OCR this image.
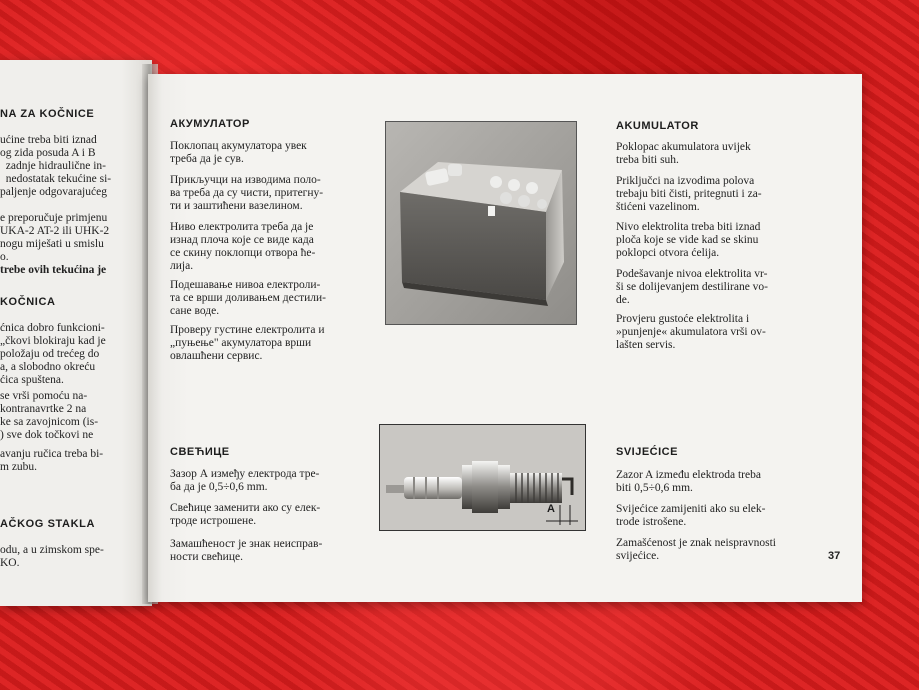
NA ZA KOČNICE
ućine treba biti iznad
og zida posuda A i B
zadnje hidraulične in-
nedostatak tekućine si-
paljenje odgovarajućeg
e preporučuje primjenu
UKA-2 AT-2 ili UHK-2
nogu miješati u smislu
o.
trebe ovih tekućina je
KOČNICA
ćnica dobro funkcioni-
„čkovi blokiraju kad je
položaju od trećeg do
a, a slobodno okreću
ćica spuštena.
se vrši pomoću na-
kontranavrtke 2 na
ke sa zavojnicom (is-
) sve dok točkovi ne
avanju ručica treba bi-
m zubu.
AČKOG STAKLA
odu, a u zimskom spe-
KO.
АКУМУЛАТОР
Поклопац акумулатора увек
треба да је сув.
Прикључци на изводима поло-
ва треба да су чисти, притегну-
ти и заштићени вазелином.
Ниво електролита треба да је
изнад плоча које се виде када
се скину поклопци отвора ће-
лија.
Подешавање нивоа електроли-
та се врши доливањем дестили-
сане воде.
Проверу густине електролита и
„пуњење" акумулатора врши
овлашћени сервис.
СВЕЋИЦЕ
Зазор А између електрода тре-
ба да је 0,5÷0,6 mm.
Свећице заменити ако су елек-
троде истрошене.
Замашћеност је знак неисправ-
ности свећице.
A
AKUMULATOR
Poklopac akumulatora uvijek
treba biti suh.
Priključci na izvodima polova
trebaju biti čisti, pritegnuti i za-
štićeni vazelinom.
Nivo elektrolita treba biti iznad
ploča koje se vide kad se skinu
poklopci otvora ćelija.
Podešavanje nivoa elektrolita vr-
ši se dolijevanjem destilirane vo-
de.
Provjeru gustoće elektrolita i
»punjenje« akumulatora vrši ov-
lašten servis.
SVIJEĆICE
Zazor A između elektroda treba
biti 0,5÷0,6 mm.
Svijećice zamijeniti ako su elek-
trode istrošene.
Zamašćenost je znak neispravnosti
svijećice.	37
